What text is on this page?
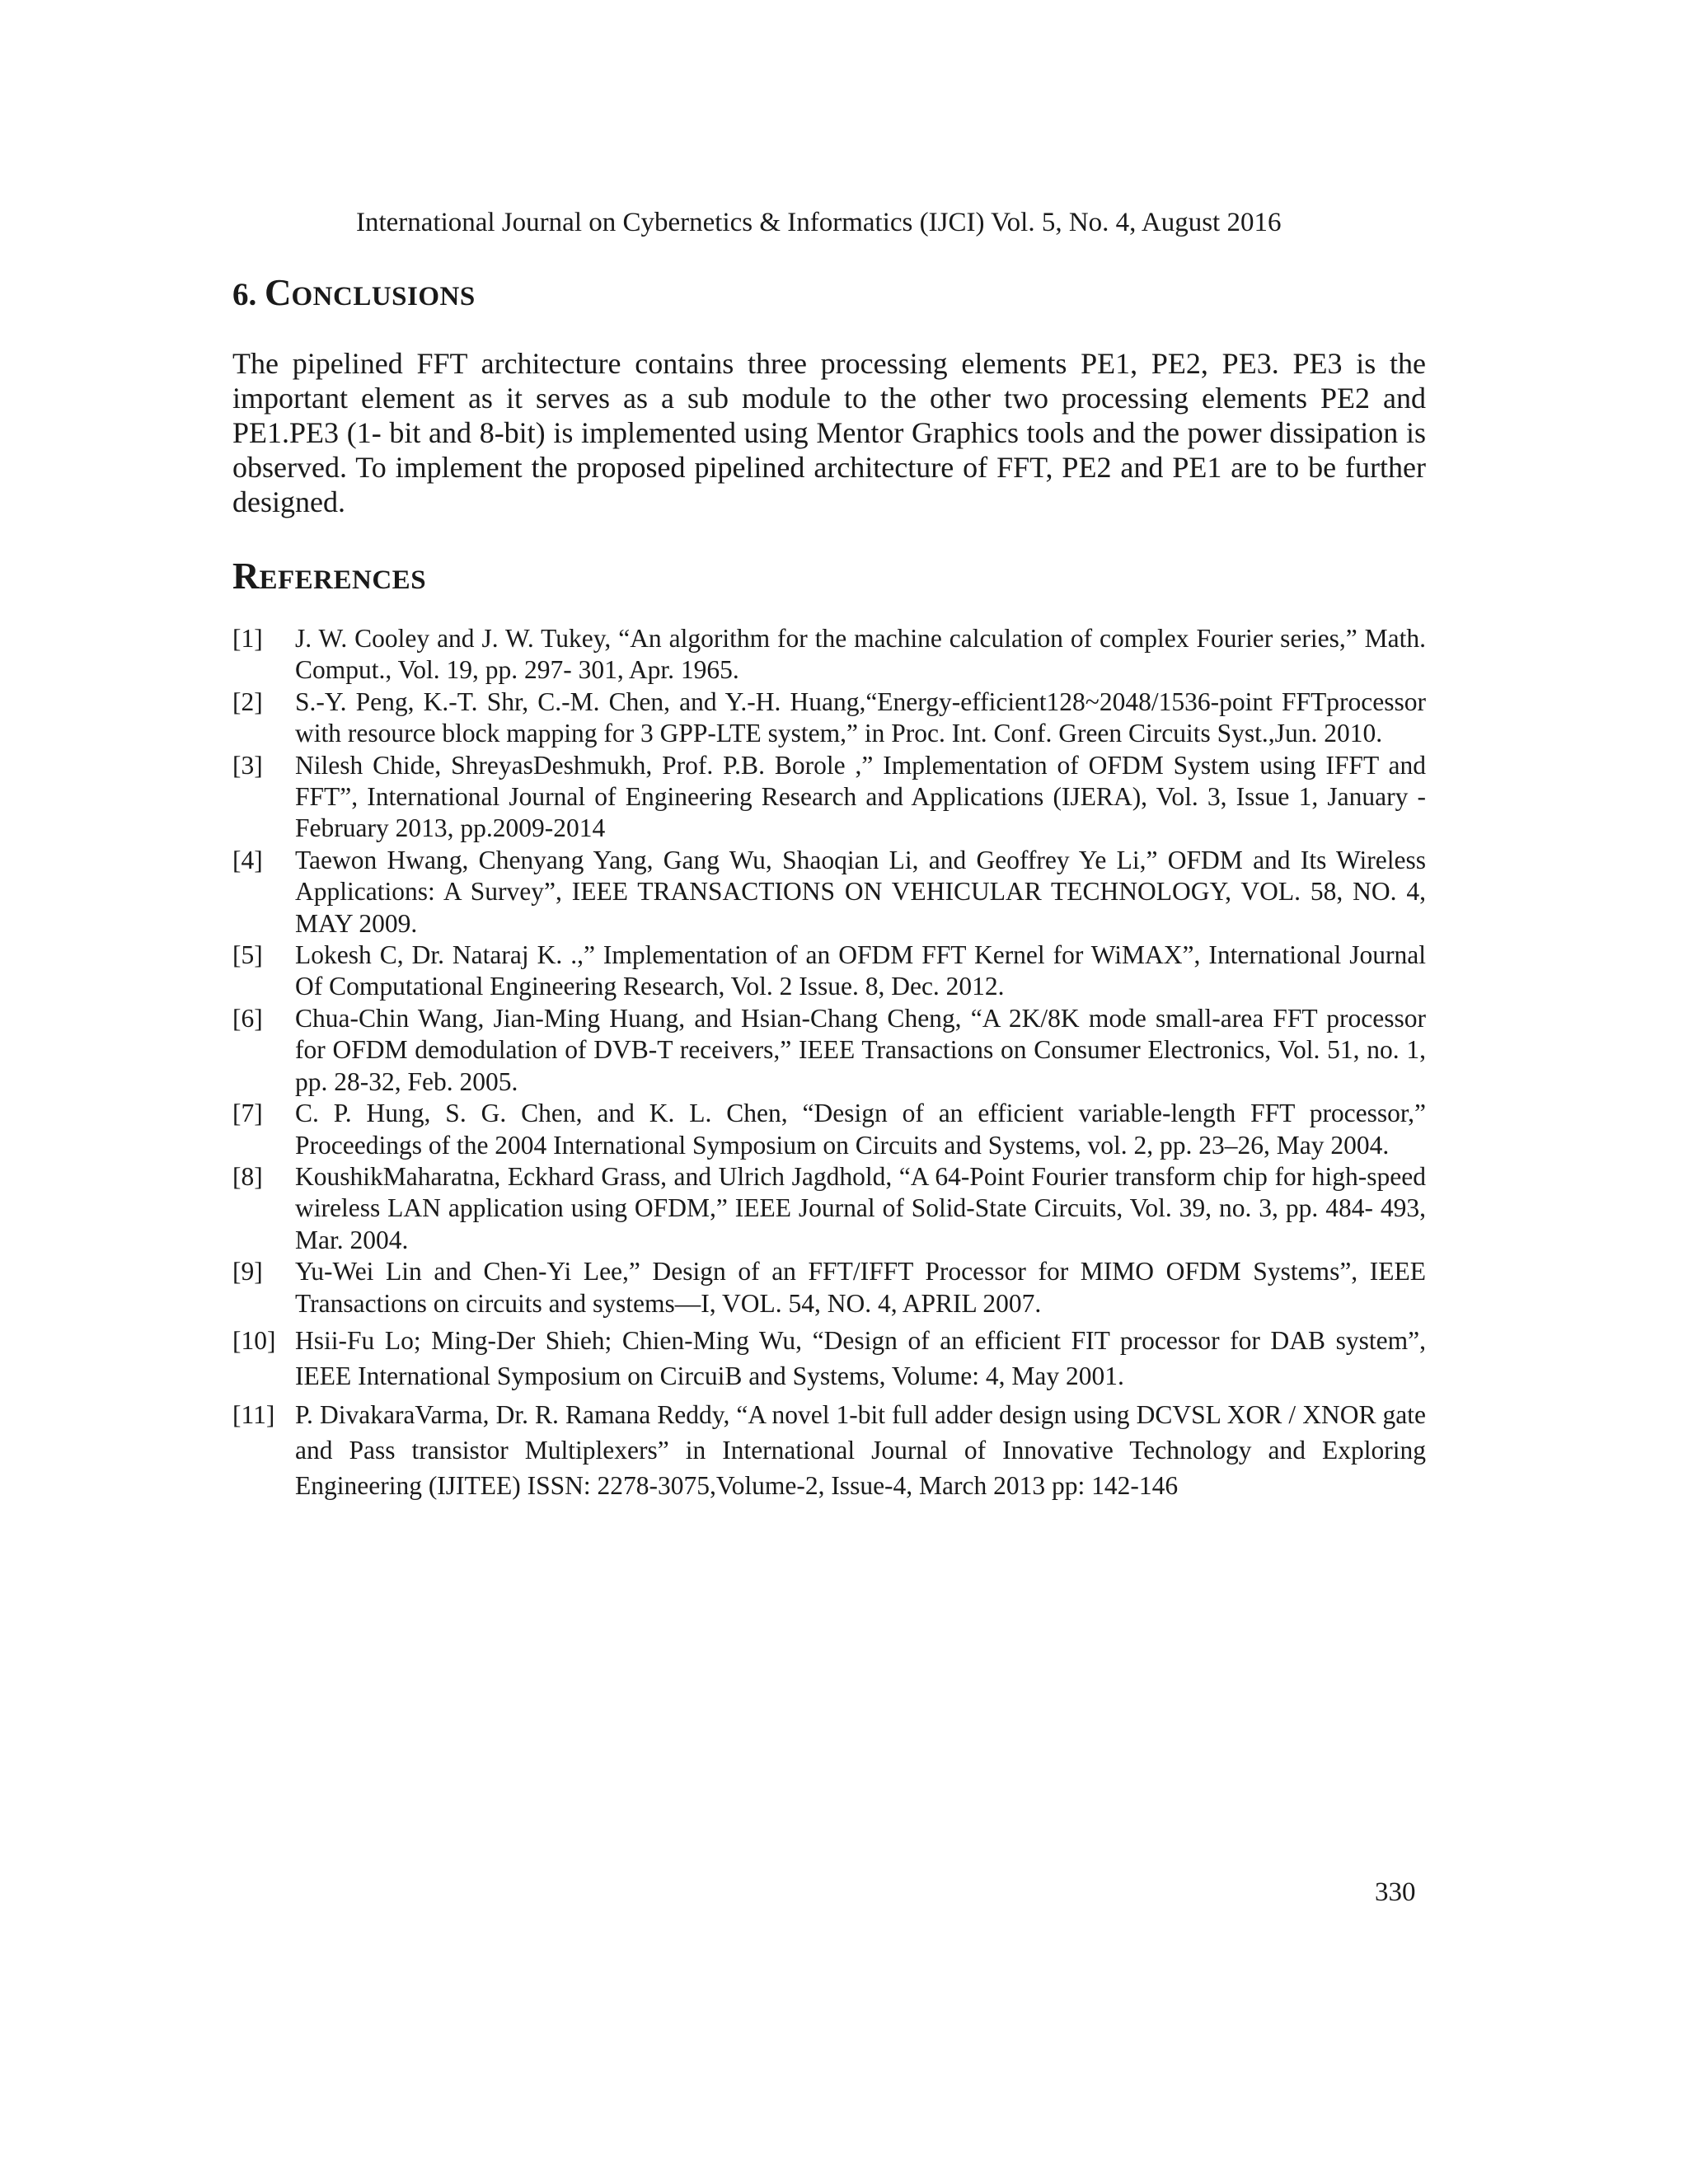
International Journal on Cybernetics & Informatics (IJCI) Vol. 5, No. 4, August 2016
6. CONCLUSIONS

The pipelined FFT architecture contains three processing elements PE1, PE2, PE3. PE3 is the important element as it serves as a sub module to the other two processing elements PE2 and PE1.PE3 (1- bit and 8-bit) is implemented using Mentor Graphics tools and the power dissipation is observed. To implement the proposed pipelined architecture of FFT, PE2 and PE1 are to be further designed.

REFERENCES
[1]	J. W. Cooley and J. W. Tukey, “An algorithm for the machine calculation of complex Fourier series,” Math. Comput., Vol. 19, pp. 297- 301, Apr. 1965.
[2]	S.-Y. Peng, K.-T. Shr, C.-M. Chen, and Y.-H. Huang,“Energy-efficient128~2048/1536-point FFTprocessor with resource block mapping for 3 GPP-LTE system,” in Proc. Int. Conf. Green Circuits Syst.,Jun. 2010.
[3]	Nilesh Chide, ShreyasDeshmukh, Prof. P.B. Borole ,” Implementation of OFDM System using IFFT and FFT”, International Journal of Engineering Research and Applications (IJERA), Vol. 3, Issue 1, January -February 2013, pp.2009-2014
[4]	Taewon Hwang, Chenyang Yang, Gang Wu, Shaoqian Li, and Geoffrey Ye Li,” OFDM and Its Wireless Applications: A Survey”, IEEE TRANSACTIONS ON VEHICULAR TECHNOLOGY, VOL. 58, NO. 4, MAY 2009.
[5]	Lokesh C, Dr. Nataraj K. .,” Implementation of an OFDM FFT Kernel for WiMAX”, International Journal Of Computational Engineering Research, Vol. 2 Issue. 8, Dec. 2012.
[6]	Chua-Chin Wang, Jian-Ming Huang, and Hsian-Chang Cheng, “A 2K/8K mode small-area FFT processor for OFDM demodulation of DVB-T receivers,” IEEE Transactions on Consumer Electronics, Vol. 51, no. 1, pp. 28-32, Feb. 2005.
[7]	C. P. Hung, S. G. Chen, and K. L. Chen, “Design of an efficient variable-length FFT processor,” Proceedings of the 2004 International Symposium on Circuits and Systems, vol. 2, pp. 23–26, May 2004.
[8]	KoushikMaharatna, Eckhard Grass, and Ulrich Jagdhold, “A 64-Point Fourier transform chip for high-speed wireless LAN application using OFDM,” IEEE Journal of Solid-State Circuits, Vol. 39, no. 3, pp. 484- 493, Mar. 2004.
[9]	Yu-Wei Lin and Chen-Yi Lee,” Design of an FFT/IFFT Processor for MIMO OFDM Systems”, IEEE Transactions on circuits and systems—I, VOL. 54, NO. 4, APRIL 2007.
[10] Hsii-Fu Lo; Ming-Der Shieh; Chien-Ming Wu, “Design of an efficient FIT processor for DAB system”, IEEE International Symposium on CircuiB and Systems, Volume: 4, May 2001.
[11] P. DivakaraVarma, Dr. R. Ramana Reddy, “A novel 1-bit full adder design using DCVSL XOR / XNOR gate and Pass transistor Multiplexers” in International Journal of Innovative Technology and Exploring Engineering (IJITEE) ISSN: 2278-3075,Volume-2, Issue-4, March 2013 pp: 142-146
330
